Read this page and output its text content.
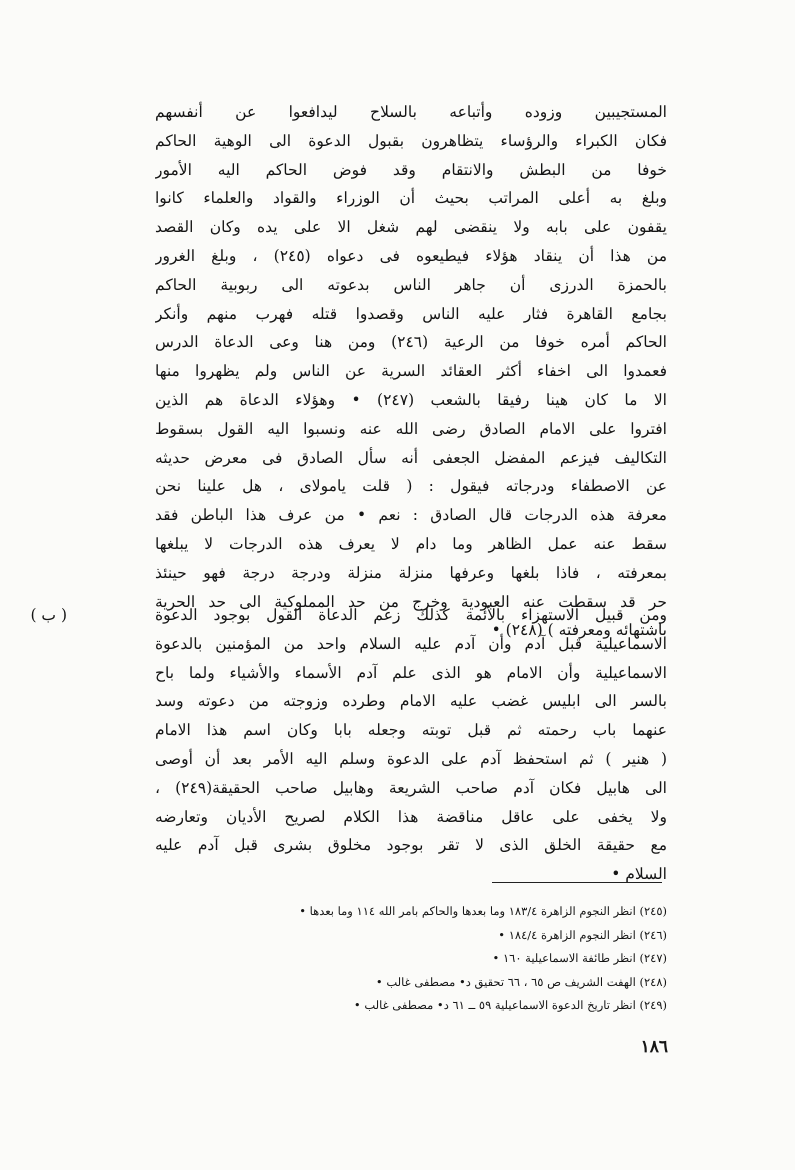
المستجيبين وزوده وأتباعه بالسلاح ليدافعوا عن أنفسهم
فكان الكبراء والرؤساء يتظاهرون بقبول الدعوة الى الوهية الحاكم
خوفا من البطش والانتقام وقد فوض الحاكم اليه الأمور
وبلغ به أعلى المراتب بحيث أن الوزراء والقواد والعلماء كانوا
يقفون على بابه ولا ينقضى لهم شغل الا على يده وكان القصد
من هذا أن ينقاد هؤلاء فيطيعوه فى دعواه (٢٤٥) ، وبلغ الغرور
بالحمزة الدرزى أن جاهر الناس بدعوته الى ربوبية الحاكم
بجامع القاهرة فثار عليه الناس وقصدوا قتله فهرب منهم وأنكر
الحاكم أمره خوفا من الرعية (٢٤٦) ومن هنا وعى الدعاة الدرس
فعمدوا الى اخفاء أكثر العقائد السرية عن الناس ولم يظهروا منها
الا ما كان هينا رفيقا بالشعب (٢٤٧) • وهؤلاء الدعاة هم الذين
افتروا على الامام الصادق رضى الله عنه ونسبوا اليه القول بسقوط
التكاليف فيزعم المفضل الجعفى أنه سأل الصادق فى معرض حديثه
عن الاصطفاء ودرجاته فيقول : ( قلت يامولاى ، هل علينا نحن
معرفة هذه الدرجات قال الصادق : نعم • من عرف هذا الباطن فقد
سقط عنه عمل الظاهر وما دام لا يعرف هذه الدرجات لا يبلغها
بمعرفته ، فاذا بلغها وعرفها منزلة منزلة ودرجة درجة فهو حينئذ
حر قد سقطت عنه العبودية وخرج من حد المملوكية الى حد الحرية
باشتهائه ومعرفته ) (٢٤٨) •
( ب )	ومن قبيل الاستهزاء بالأئمة كذلك زعم الدعاة القول بوجود الدعوة
الاسماعيلية قبل آدم وأن آدم عليه السلام واحد من المؤمنين بالدعوة
الاسماعيلية وأن الامام هو الذى علم آدم الأسماء والأشياء ولما باح
بالسر الى ابليس غضب عليه الامام وطرده وزوجته من دعوته وسد
عنهما باب رحمته ثم قبل توبته وجعله بابا وكان اسم هذا الامام
( هنير ) ثم استحفظ آدم على الدعوة وسلم اليه الأمر بعد أن أوصى
الى هابيل فكان آدم صاحب الشريعة وهابيل صاحب الحقيقة(٢٤٩) ،
ولا يخفى على عاقل مناقضة هذا الكلام لصريح الأديان وتعارضه
مع حقيقة الخلق الذى لا تقر بوجود مخلوق بشرى قبل آدم عليه
السلام •
(٢٤٥) انظر النجوم الزاهرة ١٨٣/٤ وما بعدها والحاكم بامر الله ١١٤ وما بعدها •
(٢٤٦) انظر النجوم الزاهرة ١٨٤/٤ •
(٢٤٧) انظر طائفة الاسماعيلية ١٦٠ •
(٢٤٨) الهفت الشريف ص ٦٥ ، ٦٦ تحقيق د• مصطفى غالب •
(٢٤٩) انظر تاريخ الدعوة الاسماعيلية ٥٩ ــ ٦١ د• مصطفى غالب •
١٨٦
